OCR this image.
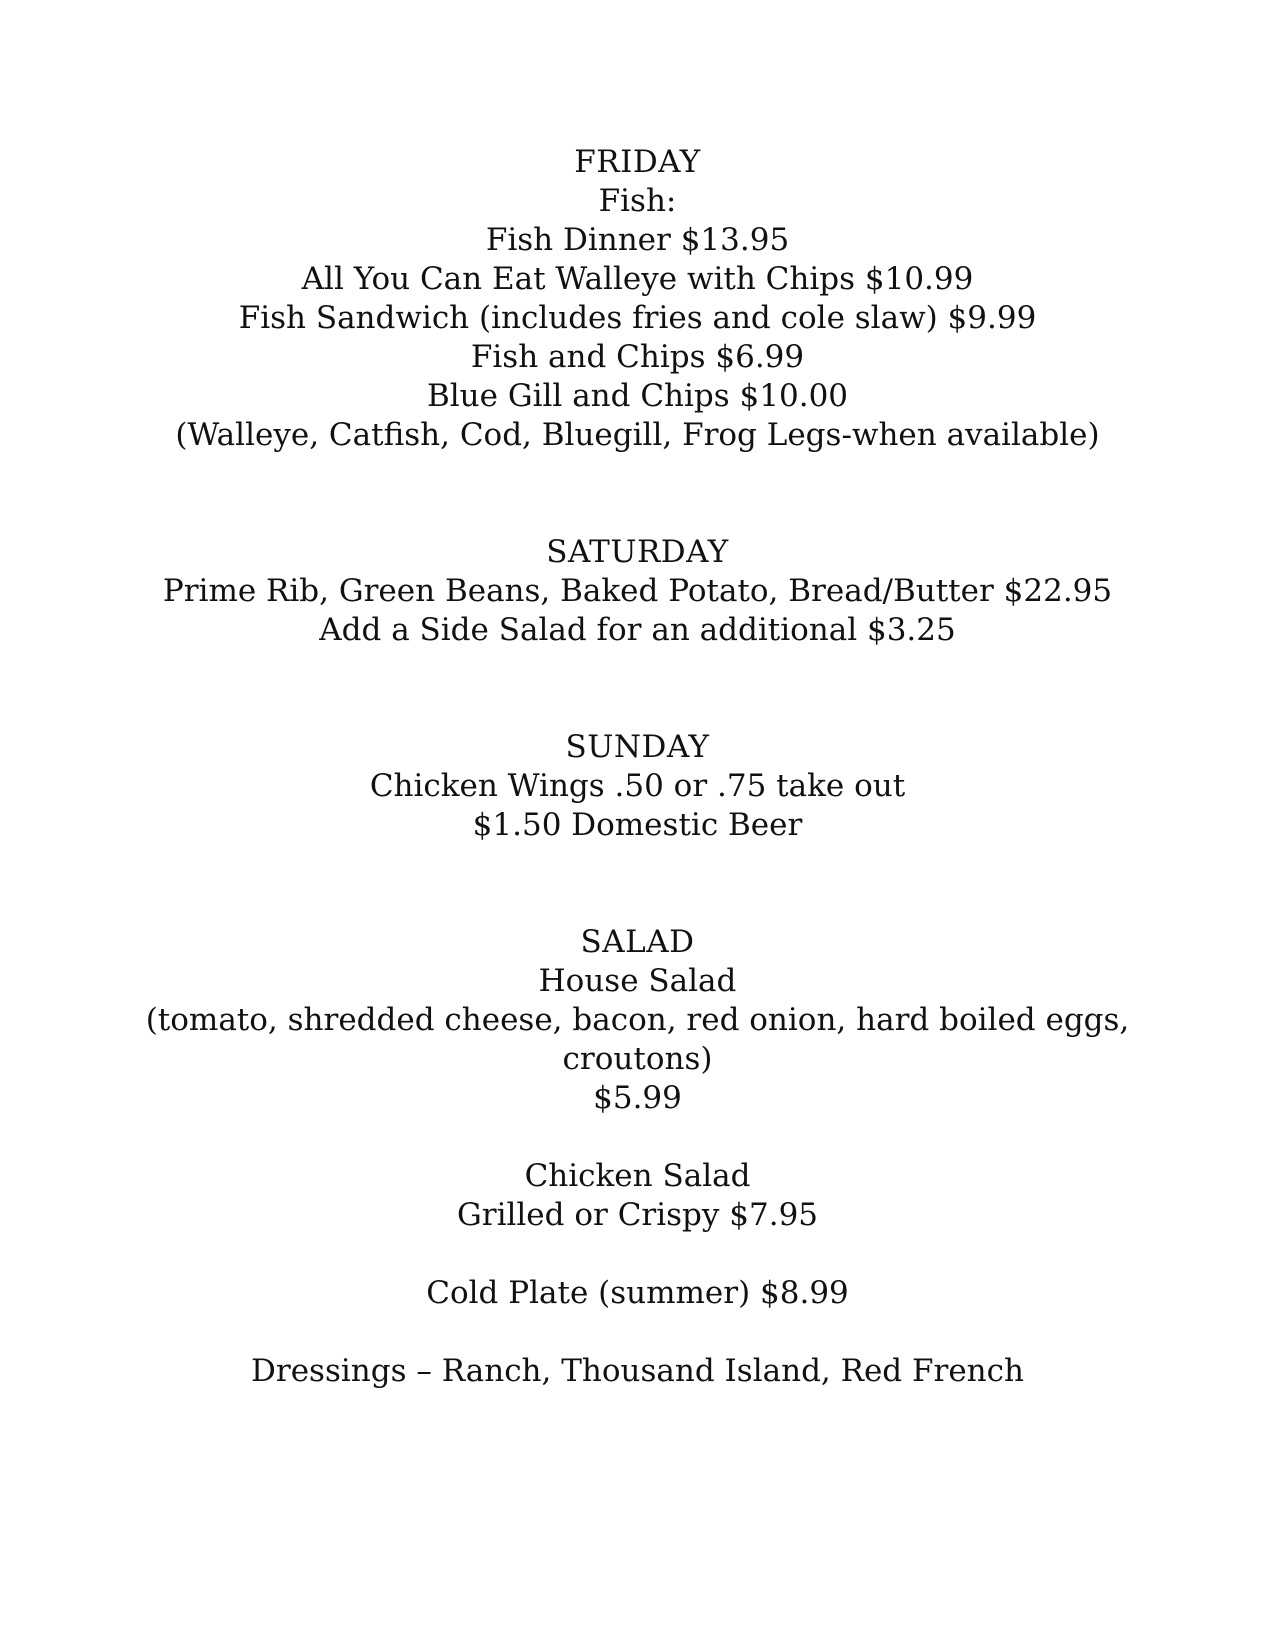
FRIDAY
Fish:
Fish Dinner $13.95
All You Can Eat Walleye with Chips $10.99
Fish Sandwich (includes fries and cole slaw) $9.99
Fish and Chips $6.99
Blue Gill and Chips $10.00
(Walleye, Catfish, Cod, Bluegill, Frog Legs-when available)
SATURDAY
Prime Rib, Green Beans, Baked Potato, Bread/Butter $22.95
Add a Side Salad for an additional $3.25
SUNDAY
Chicken Wings .50 or .75 take out
$1.50 Domestic Beer
SALAD
House Salad
(tomato, shredded cheese, bacon, red onion, hard boiled eggs,
croutons)
$5.99
Chicken Salad
Grilled or Crispy $7.95
Cold Plate (summer) $8.99
Dressings – Ranch, Thousand Island, Red French
